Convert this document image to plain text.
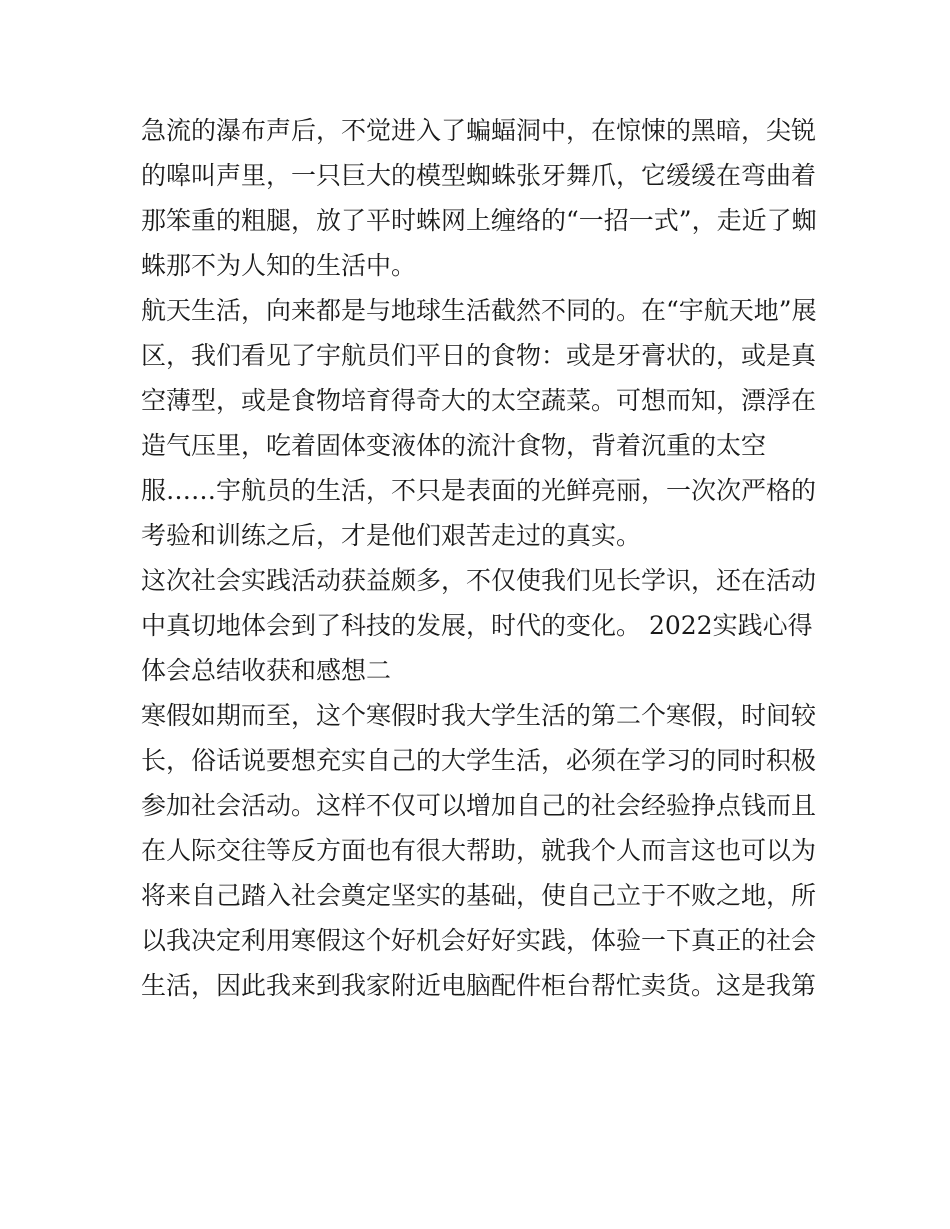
急流的瀑布声后，不觉进入了蝙蝠洞中，在惊悚的黑暗，尖锐
的嗥叫声里，一只巨大的模型蜘蛛张牙舞爪，它缓缓在弯曲着
那笨重的粗腿，放了平时蛛网上缠络的“一招一式”，走近了蜘
蛛那不为人知的生活中。
航天生活，向来都是与地球生活截然不同的。在“宇航天地”展
区，我们看见了宇航员们平日的食物：或是牙膏状的，或是真
空薄型，或是食物培育得奇大的太空蔬菜。可想而知，漂浮在
造气压里，吃着固体变液体的流汁食物，背着沉重的太空
服……宇航员的生活，不只是表面的光鲜亮丽，一次次严格的
考验和训练之后，才是他们艰苦走过的真实。
这次社会实践活动获益颇多，不仅使我们见长学识，还在活动
中真切地体会到了科技的发展，时代的变化。 2022实践心得
体会总结收获和感想二
寒假如期而至，这个寒假时我大学生活的第二个寒假，时间较
长，俗话说要想充实自己的大学生活，必须在学习的同时积极
参加社会活动。这样不仅可以增加自己的社会经验挣点钱而且
在人际交往等反方面也有很大帮助，就我个人而言这也可以为
将来自己踏入社会奠定坚实的基础，使自己立于不败之地，所
以我决定利用寒假这个好机会好好实践，体验一下真正的社会
生活，因此我来到我家附近电脑配件柜台帮忙卖货。这是我第
